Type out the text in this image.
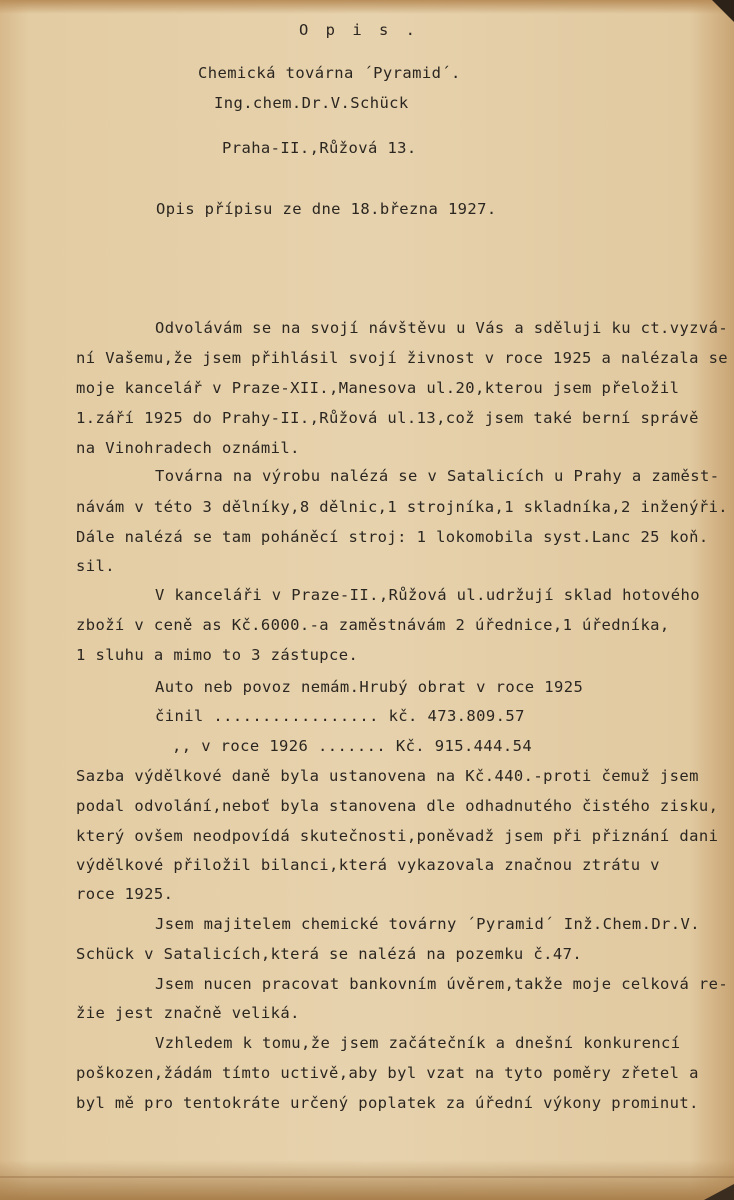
O p i s .
Chemická továrna ´Pyramid´.
Ing.chem.Dr.V.Schück
Praha-II.,Růžová 13.
Opis přípisu ze dne 18.března 1927.
Odvolávám se na svojí návštěvu u Vás a sděluji ku ct.vyzvá-
ní Vašemu,že jsem přihlásil svojí živnost v roce 1925 a nalézala se
moje kancelář v Praze-XII.,Manesova ul.20,kterou jsem přeložil
1.září 1925 do Prahy-II.,Růžová ul.13,což jsem také berní správě
na Vinohradech oznámil.
Továrna na výrobu nalézá se v Satalicích u Prahy a zaměst-
návám v této 3 dělníky,8 dělnic,1 strojníka,1 skladníka,2 inženýři.
Dále nalézá se tam poháněcí stroj: 1 lokomobila syst.Lanc 25 koň.
sil.
V kanceláři v Praze-II.,Růžová ul.udržují sklad hotového
zboží v ceně as Kč.6000.-a zaměstnávám 2 úřednice,1 úředníka,
1 sluhu a mimo to 3 zástupce.
Auto neb povoz nemám.Hrubý obrat v roce 1925
činil ................. kč. 473.809.57
,, v roce 1926 ....... Kč. 915.444.54
Sazba výdělkové daně byla ustanovena na Kč.440.-proti čemuž jsem
podal odvolání,neboť byla stanovena dle odhadnutého čistého zisku,
který ovšem neodpovídá skutečnosti,poněvadž jsem při přiznání dani
výdělkové přiložil bilanci,která vykazovala značnou ztrátu v
roce 1925.
Jsem majitelem chemické továrny ´Pyramid´ Inž.Chem.Dr.V.
Schück v Satalicích,která se nalézá na pozemku č.47.
Jsem nucen pracovat bankovním úvěrem,takže moje celková re-
žie jest značně veliká.
Vzhledem k tomu,že jsem začátečník a dnešní konkurencí
poškozen,žádám tímto uctivě,aby byl vzat na tyto poměry zřetel a
byl mě pro tentokráte určený poplatek za úřední výkony prominut.
